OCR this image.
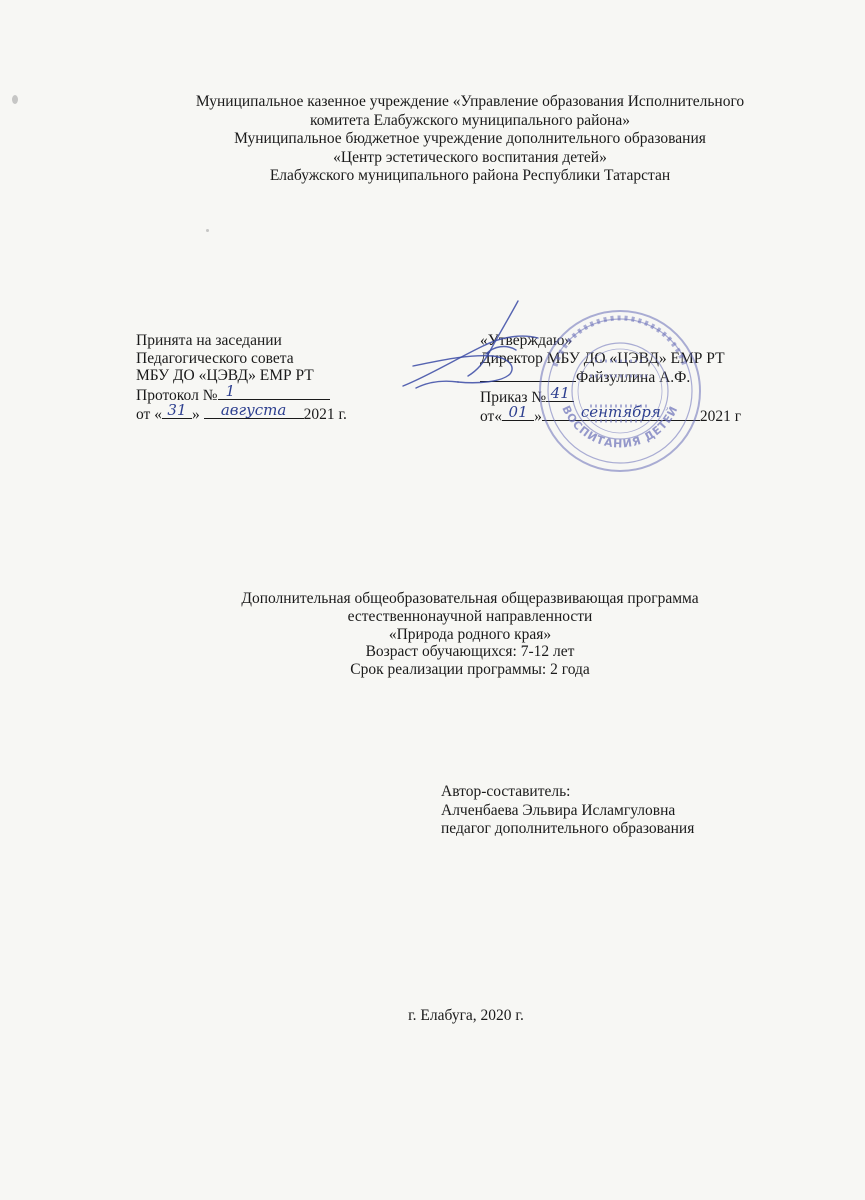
Муниципальное казенное учреждение «Управление образования Исполнительного
комитета Елабужского муниципального района»
Муниципальное бюджетное учреждение дополнительного образования
«Центр эстетического воспитания детей»
Елабужского муниципального района Республики Татарстан
Принята на заседании
Педагогического совета
МБУ ДО «ЦЭВД» ЕМР РТ
Протокол № 1
от « 31 »	августа	2021 г.
«Утверждаю»
Директор МБУ ДО «ЦЭВД» ЕМР РТ
Файзуллина А.Ф.
Приказ № 41
от« 01 »	сентября	2021 г
ВОСПИТАНИЯ ДЕТЕЙ
Дополнительная общеобразовательная общеразвивающая программа
естественнонаучной направленности
«Природа родного края»
Возраст обучающихся: 7-12 лет
Срок реализации программы: 2 года
Автор-составитель:
Алченбаева Эльвира Исламгуловна
педагог дополнительного образования
г. Елабуга, 2020 г.
